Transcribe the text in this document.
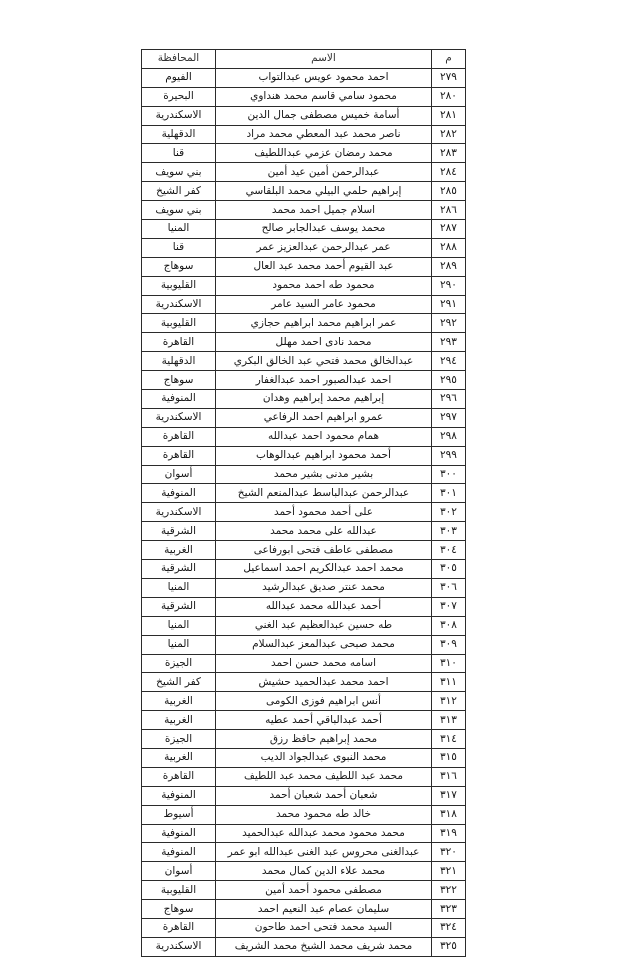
م	الاسم	المحافظة
٢٧٩	احمد محمود عويس عبدالتواب	الفيوم
٢٨٠	محمود سامي قاسم محمد هنداوي	البحيرة
٢٨١	أسامة خميس مصطفى جمال الدين	الاسكندرية
٢٨٢	ناصر محمد عبد المعطي محمد مراد	الدقهلية
٢٨٣	محمد رمضان عزمي عبداللطيف	قنا
٢٨٤	عبدالرحمن أمين عيد أمين	بني سويف
٢٨٥	إبراهيم حلمي البيلي محمد البلقاسي	كفر الشيخ
٢٨٦	اسلام جميل احمد محمد	بني سويف
٢٨٧	محمد يوسف عبدالجابر صالح	المنيا
٢٨٨	عمر عبدالرحمن عبدالعزيز عمر	قنا
٢٨٩	عبد القيوم أحمد محمد عبد العال	سوهاج
٢٩٠	محمود طه احمد محمود	القليوبية
٢٩١	محمود عامر السيد عامر	الاسكندرية
٢٩٢	عمر ابراهيم محمد ابراهيم حجازي	القليوبية
٢٩٣	محمد نادى احمد مهلل	القاهرة
٢٩٤	عبدالخالق محمد فتحي عبد الخالق البكري	الدقهلية
٢٩٥	احمد عبدالصبور احمد عبدالغفار	سوهاج
٢٩٦	إبراهيم محمد إبراهيم وهدان	المنوفية
٢٩٧	عمرو ابراهيم احمد الرفاعي	الاسكندرية
٢٩٨	همام محمود احمد عبدالله	القاهرة
٢٩٩	أحمد محمود ابراهيم عبدالوهاب	القاهرة
٣٠٠	بشير مدنى بشير محمد	أسوان
٣٠١	عبدالرحمن عبدالباسط عبدالمنعم الشيخ	المنوفية
٣٠٢	على أحمد محمود أحمد	الاسكندرية
٣٠٣	عبدالله على محمد محمد	الشرقية
٣٠٤	مصطفى عاطف فتحى ابورفاعى	الغربية
٣٠٥	محمد احمد عبدالكريم احمد اسماعيل	الشرقية
٣٠٦	محمد عنتر صديق عبدالرشيد	المنيا
٣٠٧	أحمد عبدالله محمد عبدالله	الشرقية
٣٠٨	طه حسين عبدالعظيم عبد الغني	المنيا
٣٠٩	محمد صبحى عبدالمعز عبدالسلام	المنيا
٣١٠	اسامه محمد حسن احمد	الجيزة
٣١١	احمد محمد عبدالحميد حشيش	كفر الشيخ
٣١٢	أنس ابراهيم فوزى الكومى	الغربية
٣١٣	أحمد عبدالباقي أحمد عطيه	الغربية
٣١٤	محمد إبراهيم حافظ رزق	الجيزة
٣١٥	محمد النبوى عبدالجواد الديب	الغربية
٣١٦	محمد عبد اللطيف محمد عبد اللطيف	القاهرة
٣١٧	شعبان أحمد شعبان أحمد	المنوفية
٣١٨	خالد طه محمود محمد	أسيوط
٣١٩	محمد محمود محمد عبدالله عبدالحميد	المنوفية
٣٢٠	عبدالغنى محروس عبد الغنى عبدالله ابو عمر	المنوفية
٣٢١	محمد علاء الدين كمال محمد	أسوان
٣٢٢	مصطفى محمود أحمد أمين	القليوبية
٣٢٣	سليمان عصام عبد النعيم احمد	سوهاج
٣٢٤	السيد محمد فتحى احمد طاحون	القاهرة
٣٢٥	محمد شريف محمد الشيخ محمد الشريف	الاسكندرية
